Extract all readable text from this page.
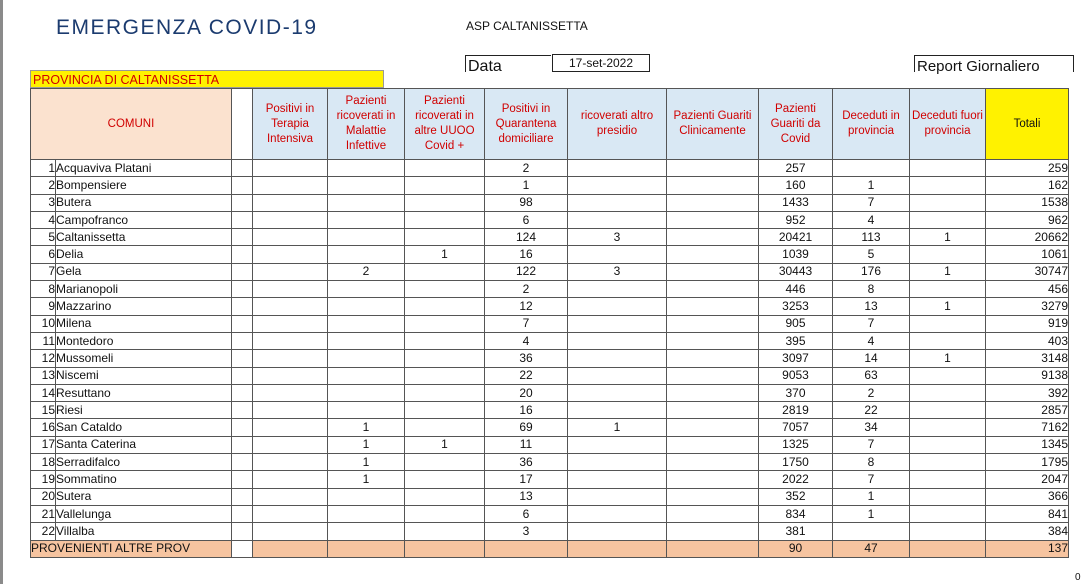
EMERGENZA COVID-19	ASP CALTANISSETTA
Data	17-set-2022	Report Giornaliero
PROVINCIA DI CALTANISSETTA
COMUNI			Positivi in Terapia Intensiva	Pazienti ricoverati in Malattie Infettive	Pazienti ricoverati in altre UUOO Covid +	Positivi in Quarantena domiciliare	ricoverati altro presidio	Pazienti Guariti Clinicamente	Pazienti Guariti da Covid	Deceduti in provincia	Deceduti fuori provincia	Totali
1	Acquaviva Platani					2			257			259
2	Bompensiere					1			160	1		162
3	Butera					98			1433	7		1538
4	Campofranco					6			952	4		962
5	Caltanissetta					124	3		20421	113	1	20662
6	Delia				1	16			1039	5		1061
7	Gela			2		122	3		30443	176	1	30747
8	Marianopoli					2			446	8		456
9	Mazzarino					12			3253	13	1	3279
10	Milena					7			905	7		919
11	Montedoro					4			395	4		403
12	Mussomeli					36			3097	14	1	3148
13	Niscemi					22			9053	63		9138
14	Resuttano					20			370	2		392
15	Riesi					16			2819	22		2857
16	San Cataldo			1		69	1		7057	34		7162
17	Santa Caterina			1	1	11			1325	7		1345
18	Serradifalco			1		36			1750	8		1795
19	Sommatino			1		17			2022	7		2047
20	Sutera					13			352	1		366
21	Vallelunga					6			834	1		841
22	Villalba					3			381			384
PROVENIENTI ALTRE PROV									90	47		137
0
